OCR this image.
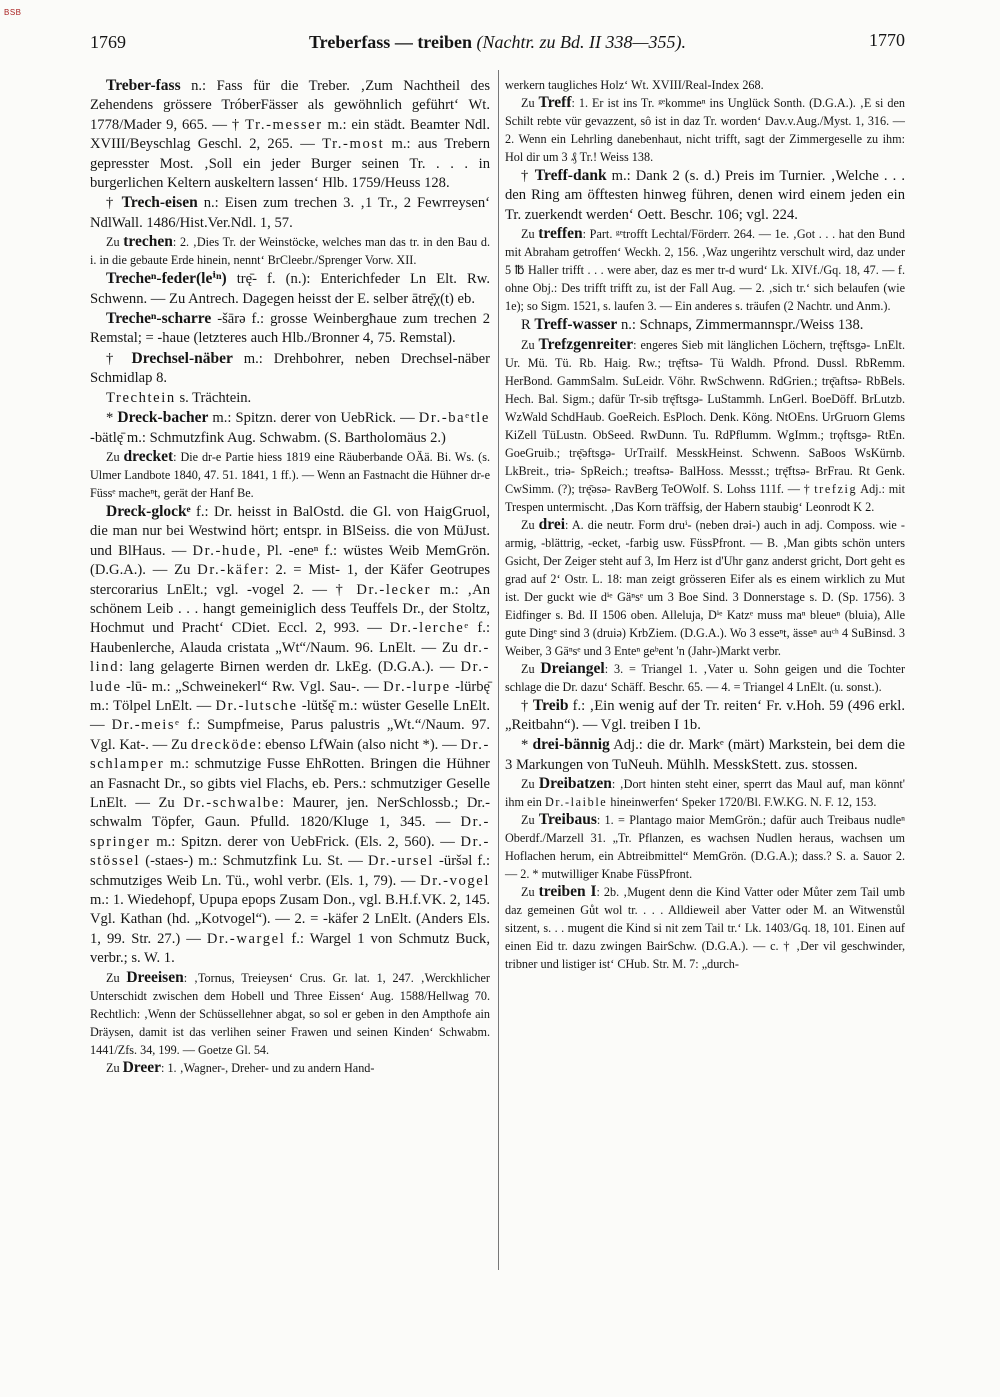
BSB
1769	Treberfass — treiben (Nachtr. zu Bd. II 338—355).	1770

Treber-fass n.: Fass für die Treber. ‚Zum Nachtheil des Zehendens grössere TróberFässer als gewöhnlich geführt‘ Wt. 1778/Mader 9, 665. — † Tr.-messer m.: ein städt. Beamter Ndl. XVIII/Beyschlag Geschl. 2, 265. — Tr.-most m.: aus Trebern gepresster Most. ‚Soll ein jeder Burger seinen Tr. . . . in burgerlichen Keltern auskeltern lassen‘ Hlb. 1759/Heuss 128.

† Trech-eisen n.: Eisen zum trechen 3. ‚1 Tr., 2 Fewrreysen‘ NdlWall. 1486/Hist.Ver.Ndl. 1, 57.

Zu trechen: 2. ‚Dies Tr. der Weinstöcke, welches man das tr. in den Bau d. i. in die gebaute Erde hinein, nennt‘ BrCleebr./Sprenger Vorw. XII.

Trecheⁿ-feder(leⁱⁿ) trę̄- f. (n.): Enterichfeder Ln Elt. Rw. Schwenn. — Zu Antrech. Dagegen heisst der E. selber ātrę̄χ(t) eb.

Trecheⁿ-scharre -šārə f.: grosse Weinbergħaue zum trechen 2 Remstal; = -haue (letzteres auch Hlb./Bronner 4, 75. Remstal).

† Drechsel-näber m.: Drehbohrer, neben Drechsel-näber Schmidlap 8.

Trechtein s. Trächtein.

* Dreck-bacher m.: Spitzn. derer von UebRick. — Dr.-baᵉtle -bätlę̄ m.: Schmutzfink Aug. Schwabm. (S. Bartholomäus 2.)

Zu drecket: Die dr-e Partie hiess 1819 eine Räuberbande OÄä. Bi. Ws. (s. Ulmer Landbote 1840, 47. 51. 1841, 1 ff.). — Wenn an Fastnacht die Hühner dr-e Füssᵉ macheⁿt, gerät der Hanf Be.

Dreck-glockᵉ f.: Dr. heisst in BalOstd. die Gl. von HaigGruol, die man nur bei Westwind hört; entspr. in BlSeiss. die von MüJust. und BlHaus. — Dr.-hude, Pl. -eneⁿ f.: wüstes Weib MemGrön. (D.G.A.). — Zu Dr.-käfer: 2. = Mist- 1, der Käfer Geotrupes stercorarius LnElt.; vgl. -vogel 2. — † Dr.-lecker m.: ‚An schönem Leib . . . hangt gemeiniglich dess Teuffels Dr., der Stoltz, Hochmut und Pracht‘ CDiet. Eccl. 2, 993. — Dr.-lercheᵉ f.: Haubenlerche, Alauda cristata „Wt“/Naum. 96. LnElt. — Zu dr.-lind: lang gelagerte Birnen werden dr. LkEg. (D.G.A.). — Dr.-lude -lū- m.: „Schweinekerl“ Rw. Vgl. Sau-. — Dr.-lurpe -lürbę̄ m.: Tölpel LnElt. — Dr.-lutsche -lütšę̄ m.: wüster Geselle LnElt. — Dr.-meisᵉ f.: Sumpfmeise, Parus palustris „Wt.“/Naum. 97. Vgl. Kat-. — Zu drecköde: ebenso LfWain (also nicht *). — Dr.-schlamper m.: schmutzige Fusse EhRotten. Bringen die Hühner an Fasnacht Dr., so gibts viel Flachs, eb. Pers.: schmutziger Geselle LnElt. — Zu Dr.-schwalbe: Maurer, jen. NerSchlossb.; Dr.-schwalm Töpfer, Gaun. Pfulld. 1820/Kluge 1, 345. — Dr.-springer m.: Spitzn. derer von UebFrick. (Els. 2, 560). — Dr.-stössel (-staes-) m.: Schmutzfink Lu. St. — Dr.-ursel -üršəl f.: schmutziges Weib Ln. Tü., wohl verbr. (Els. 1, 79). — Dr.-vogel m.: 1. Wiedehopf, Upupa epops Zusam Don., vgl. B.H.f.VK. 2, 145. Vgl. Kathan (hd. „Kotvogel“). — 2. = -käfer 2 LnElt. (Anders Els. 1, 99. Str. 27.) — Dr.-wargel f.: Wargel 1 von Schmutz Buck, verbr.; s. W. 1.

Zu Dreeisen: ‚Tornus, Treieysen‘ Crus. Gr. lat. 1, 247. ‚Werckhlicher Unterschidt zwischen dem Hobell und Three Eissen‘ Aug. 1588/Hellwag 70. Rechtlich: ‚Wenn der Schüssellehner abgat, so sol er geben in den Ampthofe ain Dräysen, damit ist das verlihen seiner Frawen und seinen Kinden‘ Schwabm. 1441/Zfs. 34, 199. — Goetze Gl. 54.

Zu Dreer: 1. ‚Wagner-, Dreher- und zu andern Hand-

werkern taugliches Holz‘ Wt. XVIII/Real-Index 268.

Zu Treff: 1. Er ist ins Tr. ᵍᵉkommeⁿ ins Unglück Sonth. (D.G.A.). ‚E si den Schilt rebte vür gevazzent, sô ist in daz Tr. worden‘ Dav.v.Aug./Myst. 1, 316. — 2. Wenn ein Lehrling danebenhaut, nicht trifft, sagt der Zimmergeselle zu ihm: Hol dir um 3 ₰ Tr.! Weiss 138.

† Treff-dank m.: Dank 2 (s. d.) Preis im Turnier. ‚Welche . . . den Ring am öfftesten hinweg führen, denen wird einem jeden ein Tr. zuerkendt werden‘ Oett. Beschr. 106; vgl. 224.

Zu treffen: Part. ᵍᵉtrofft Lechtal/Förderr. 264. — 1e. ‚Got . . . hat den Bund mit Abraham getroffen‘ Weckh. 2, 156. ‚Waz ungerihtz verschult wird, daz under 5 ℔ Haller trifft . . . were aber, daz es mer tr-d wurd‘ Lk. XIVf./Gq. 18, 47. — f. ohne Obj.: Des trifft trifft zu, ist der Fall Aug. — 2. ‚sich tr.‘ sich belaufen (wie 1e); so Sigm. 1521, s. laufen 3. — Ein anderes s. träufen (2 Nachtr. und Anm.).

R Treff-wasser n.: Schnaps, Zimmermannspr./Weiss 138.

Zu Trefzgenreiter: engeres Sieb mit länglichen Löchern, trę̄ftsgə- LnElt. Ur. Mü. Tü. Rb. Haig. Rw.; trę̄ftsə- Tü Waldh. Pfrond. Dussl. RbRemm. HerBond. GammSalm. SuLeidr. Vöhr. RwSchwenn. RdGrien.; trę̄aftsə- RbBels. Hech. Bal. Sigm.; dafür Tr-sib trę̄ftsgə- LuStammh. LnGerl. BoeDöff. BrLutzb. WzWald SchdHaub. GoeReich. EsPloch. Denk. Köng. NtOEns. UrGruorn Glems KiZell TüLustn. ObSeed. RwDunn. Tu. RdPflumm. WgImm.; trǫftsgə- RtEn. GoeGruib.; trę̄əftsgə- UrTrailf. MesskHeinst. Schwenn. SaBoos WsKürnb. LkBreit., triə- SpReich.; treəftsə- BalHoss. Messst.; trę̄ftsə- BrFrau. Rt Genk. CwSimm. (?); trę̄əsə- RavBerg TeOWolf. S. Lohss 111f. — † trefzig Adj.: mit Trespen untermischt. ‚Das Korn träffsig, der Habern staubig‘ Leonrodt K 2.

Zu drei: A. die neutr. Form druⁱ- (neben drəi-) auch in adj. Composs. wie -armig, -blättrig, -ecket, -farbig usw. FüssPfront. — B. ‚Man gibts schön unters Gsicht, Der Zeiger steht auf 3, Im Herz ist d'Uhr ganz anderst gricht, Dort geht es grad auf 2‘ Ostr. L. 18: man zeigt grösseren Eifer als es einem wirklich zu Mut ist. Der guckt wie dⁱᵉ Gäⁿsᵉ um 3 Boe Sind. 3 Donnerstage s. D. (Sp. 1756). 3 Eidfinger s. Bd. II 1506 oben. Alleluja, Dⁱᵉ Katzᵉ muss maⁿ bleueⁿ (bluia), Alle gute Dingᵉ sind 3 (druiə) KrbZiem. (D.G.A.). Wo 3 esseⁿt, ässeⁿ auᶜʰ 4 SuBinsd. 3 Weiber, 3 Gäⁿsᵉ und 3 Enteⁿ geᵇent 'n (Jahr-)Markt verbr.

Zu Dreiangel: 3. = Triangel 1. ‚Vater u. Sohn geigen und die Tochter schlage die Dr. dazu‘ Schäff. Beschr. 65. — 4. = Triangel 4 LnElt. (u. sonst.).

† Treib f.: ‚Ein wenig auf der Tr. reiten‘ Fr. v.Hoh. 59 (496 erkl. „Reitbahn“). — Vgl. treiben I 1b.

* drei-bännig Adj.: die dr. Markᵉ (märt) Markstein, bei dem die 3 Markungen von TuNeuh. Mühlh. MesskStett. zus. stossen.

Zu Dreibatzen: ‚Dort hinten steht einer, sperrt das Maul auf, man könnt' ihm ein Dr.-laible hineinwerfen‘ Speker 1720/Bl. F.W.KG. N. F. 12, 153.

Zu Treibaus: 1. = Plantago maior MemGrön.; dafür auch Treibaus nudleⁿ Oberdf./Marzell 31. „Tr. Pflanzen, es wachsen Nudlen heraus, wachsen um Hoflachen herum, ein Abtreibmittel“ MemGrön. (D.G.A.); dass.? S. a. Sauor 2. — 2. * mutwilliger Knabe FüssPfront.

Zu treiben I: 2b. ‚Mugent denn die Kind Vatter oder Můter zem Tail umb daz gemeinen Gůt wol tr. . . . Alldieweil aber Vatter oder M. an Witwenstůl sitzent, s. . . mugent die Kind si nit zem Tail tr.‘ Lk. 1403/Gq. 18, 101. Einen auf einen Eid tr. dazu zwingen BairSchw. (D.G.A.). — c. † ‚Der vil geschwinder, tribner und listiger ist‘ CHub. Str. M. 7: „durch-
